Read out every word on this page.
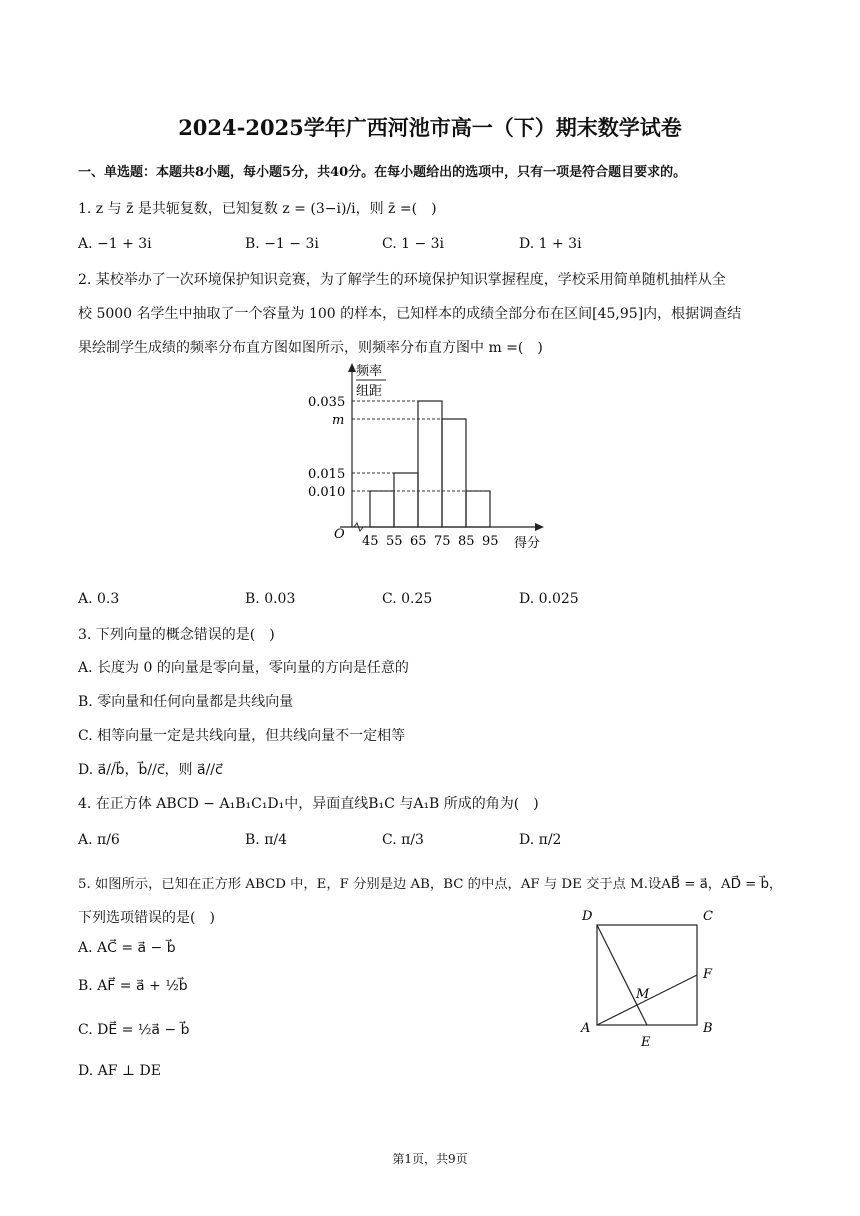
2024-2025学年广西河池市高一（下）期末数学试卷
一、单选题：本题共8小题，每小题5分，共40分。在每小题给出的选项中，只有一项是符合题目要求的。
1. z 与 z̄ 是共轭复数，已知复数 z = (3−i)/i，则 z̄ =(　)
A. −1 + 3i	B. −1 − 3i	C. 1 − 3i	D. 1 + 3i
2. 某校举办了一次环境保护知识竞赛，为了解学生的环境保护知识掌握程度，学校采用简单随机抽样从全
校 5000 名学生中抽取了一个容量为 100 的样本，已知样本的成绩全部分布在区间[45,95]内，根据调查结
果绘制学生成绩的频率分布直方图如图所示，则频率分布直方图中 m =(　)
45 55 65 75 85 95
0.035
m
0.015
0.010
频率
组距
O
得分
A. 0.3	B. 0.03	C. 0.25	D. 0.025
3. 下列向量的概念错误的是(　)
A. 长度为 0 的向量是零向量，零向量的方向是任意的
B. 零向量和任何向量都是共线向量
C. 相等向量一定是共线向量，但共线向量不一定相等
D. a⃗//b⃗，b⃗//c⃗，则 a⃗//c⃗
4. 在正方体 ABCD − A₁B₁C₁D₁中，异面直线B₁C 与A₁B 所成的角为(　)
A. π/6	B. π/4	C. π/3	D. π/2
5. 如图所示，已知在正方形 ABCD 中，E，F 分别是边 AB，BC 的中点，AF 与 DE 交于点 M.设AB⃗ = a⃗，AD⃗ = b⃗，
下列选项错误的是(　)
A. AC⃗ = a⃗ − b⃗
B. AF⃗ = a⃗ + ½b⃗
C. DE⃗ = ½a⃗ − b⃗
D. AF ⊥ DE
D	C
A	B
E
F
M
第1页，共9页
